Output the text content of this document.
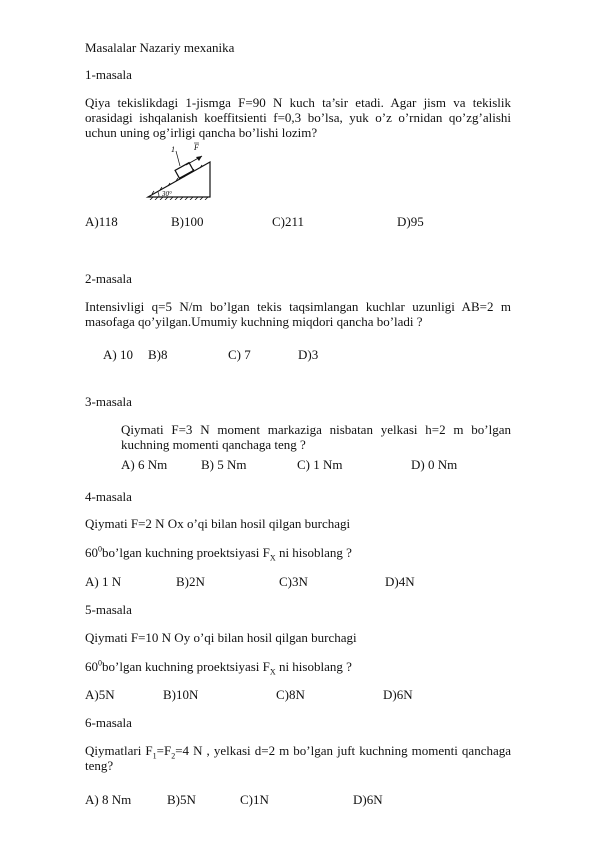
Masalalar Nazariy mexanika
1-masala
Qiya tekislikdagi 1-jismga F=90 N kuch ta’sir etadi. Agar jism va tekislik orasidagi ishqalanish koeffitsienti f=0,3 bo’lsa, yuk o’z o’rnidan qo’zg’alishi uchun uning og’irligi qancha bo’lishi lozim?
1 F
30°
A)118	B)100	C)211	D)95
2-masala
Intensivligi q=5 N/m bo’lgan tekis taqsimlangan kuchlar uzunligi AB=2 m masofaga qo’yilgan.Umumiy kuchning miqdori qancha bo’ladi ?
A) 10 B)8	C) 7	D)3
3-masala
Qiymati F=3 N moment markaziga nisbatan yelkasi h=2 m bo’lgan kuchning momenti qanchaga teng ?
A) 6 Nm	B) 5 Nm	C) 1 Nm	D) 0 Nm
4-masala
Qiymati F=2 N Ox o’qi bilan hosil qilgan burchagi
$60^0bo’lgan$ kuchning proektsiyasi $F_X$ ni hisoblang ?
A) 1 N	B)2N	C)3N	D)4N
5-masala
Qiymati F=10 N Oy o’qi bilan hosil qilgan burchagi
$60^0bo’lgan$ kuchning proektsiyasi $F_X$ ni hisoblang ?
A)5N	B)10N	C)8N	D)6N
6-masala
Qiymatlari $F_1=F_2=4$ N , yelkasi d=2 m bo’lgan juft kuchning momenti qanchaga teng?
A) 8 Nm	B)5N	C)1N	D)6N
